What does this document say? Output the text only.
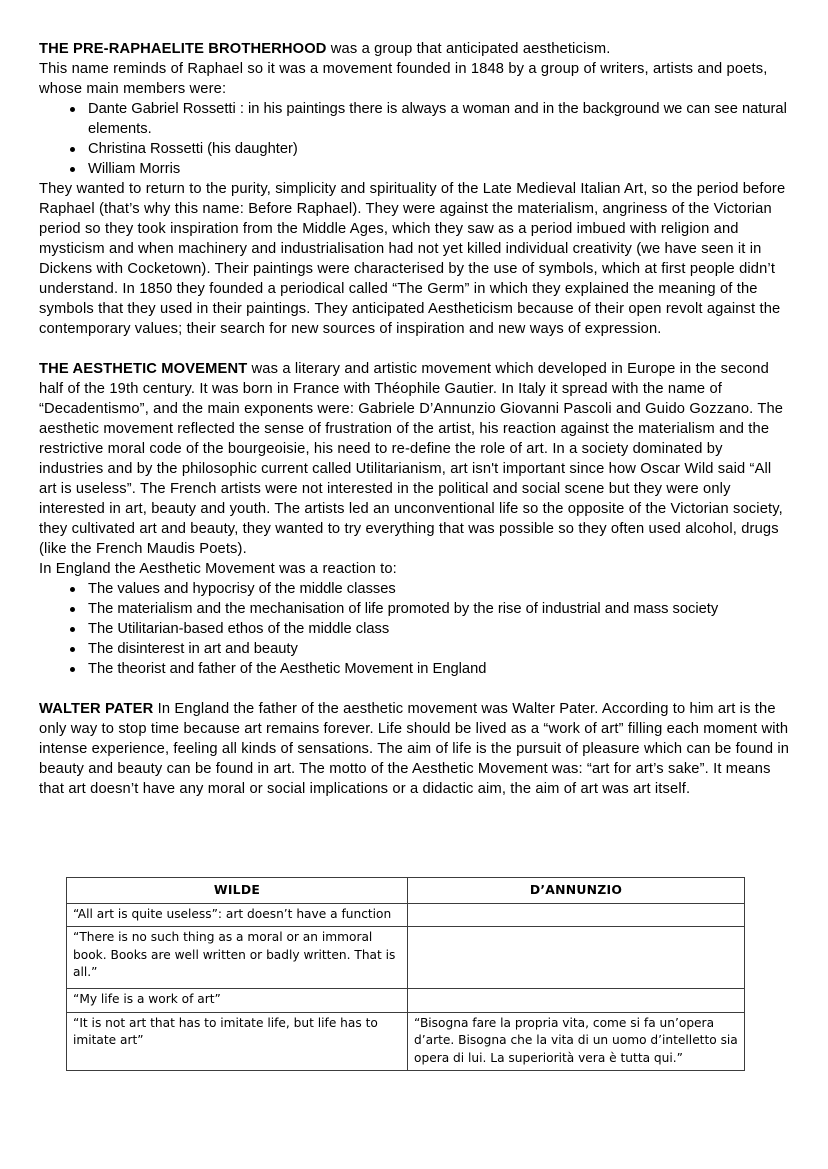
THE PRE-RAPHAELITE BROTHERHOOD was a group that anticipated aestheticism.

This name reminds of Raphael so it was a movement founded in 1848 by a group of writers, artists and poets, whose main members were:

Dante Gabriel Rossetti : in his paintings there is always a woman and in the background we can see natural elements.
Christina Rossetti (his daughter)
William Morris

They wanted to return to the purity, simplicity and spirituality of the Late Medieval Italian Art, so the period before Raphael (that’s why this name: Before Raphael). They were against the materialism, angriness of the Victorian period so they took inspiration from the Middle Ages, which they saw as a period imbued with religion and mysticism and when machinery and industrialisation had not yet killed individual creativity (we have seen it in Dickens with Cocketown). Their paintings were characterised by the use of symbols, which at first people didn’t understand. In 1850 they founded a periodical called “The Germ” in which they explained the meaning of the symbols that they used in their paintings. They anticipated Aestheticism because of their open revolt against the contemporary values; their search for new sources of inspiration and new ways of expression.

THE AESTHETIC MOVEMENT was a literary and artistic movement which developed in Europe in the second half of the 19th century. It was born in France with Théophile Gautier. In Italy it spread with the name of “Decadentismo”, and the main exponents were: Gabriele D’Annunzio Giovanni Pascoli and Guido Gozzano. The aesthetic movement reflected the sense of frustration of the artist, his reaction against the materialism and the restrictive moral code of the bourgeoisie, his need to re-define the role of art. In a society dominated by industries and by the philosophic current called Utilitarianism, art isn't important since how Oscar Wild said “All art is useless”. The French artists were not interested in the political and social scene but they were only interested in art, beauty and youth. The artists led an unconventional life so the opposite of the Victorian society, they cultivated art and beauty, they wanted to try everything that was possible so they often used alcohol, drugs (like the French Maudis Poets).

In England the Aesthetic Movement was a reaction to:

The values and hypocrisy of the middle classes
The materialism and the mechanisation of life promoted by the rise of industrial and mass society
The Utilitarian-based ethos of the middle class
The disinterest in art and beauty
The theorist and father of the Aesthetic Movement in England

WALTER PATER In England the father of the aesthetic movement was Walter Pater. According to him art is the only way to stop time because art remains forever. Life should be lived as a “work of art” filling each moment with intense experience, feeling all kinds of sensations. The aim of life is the pursuit of pleasure which can be found in beauty and beauty can be found in art. The motto of the Aesthetic Movement was: “art for art’s sake”. It means that art doesn’t have any moral or social implications or a didactic aim, the aim of art was art itself.

WILDE	D’ANNUNZIO
“All art is quite useless”: art doesn’t have a function	
“There is no such thing as a moral or an immoral book. Books are well written or badly written. That is all.”	
“My life is a work of art”	
“It is not art that has to imitate life, but life has to imitate art”	“Bisogna fare la propria vita, come si fa un’opera d’arte. Bisogna che la vita di un uomo d’intelletto sia opera di lui. La superiorità vera è tutta qui.”
